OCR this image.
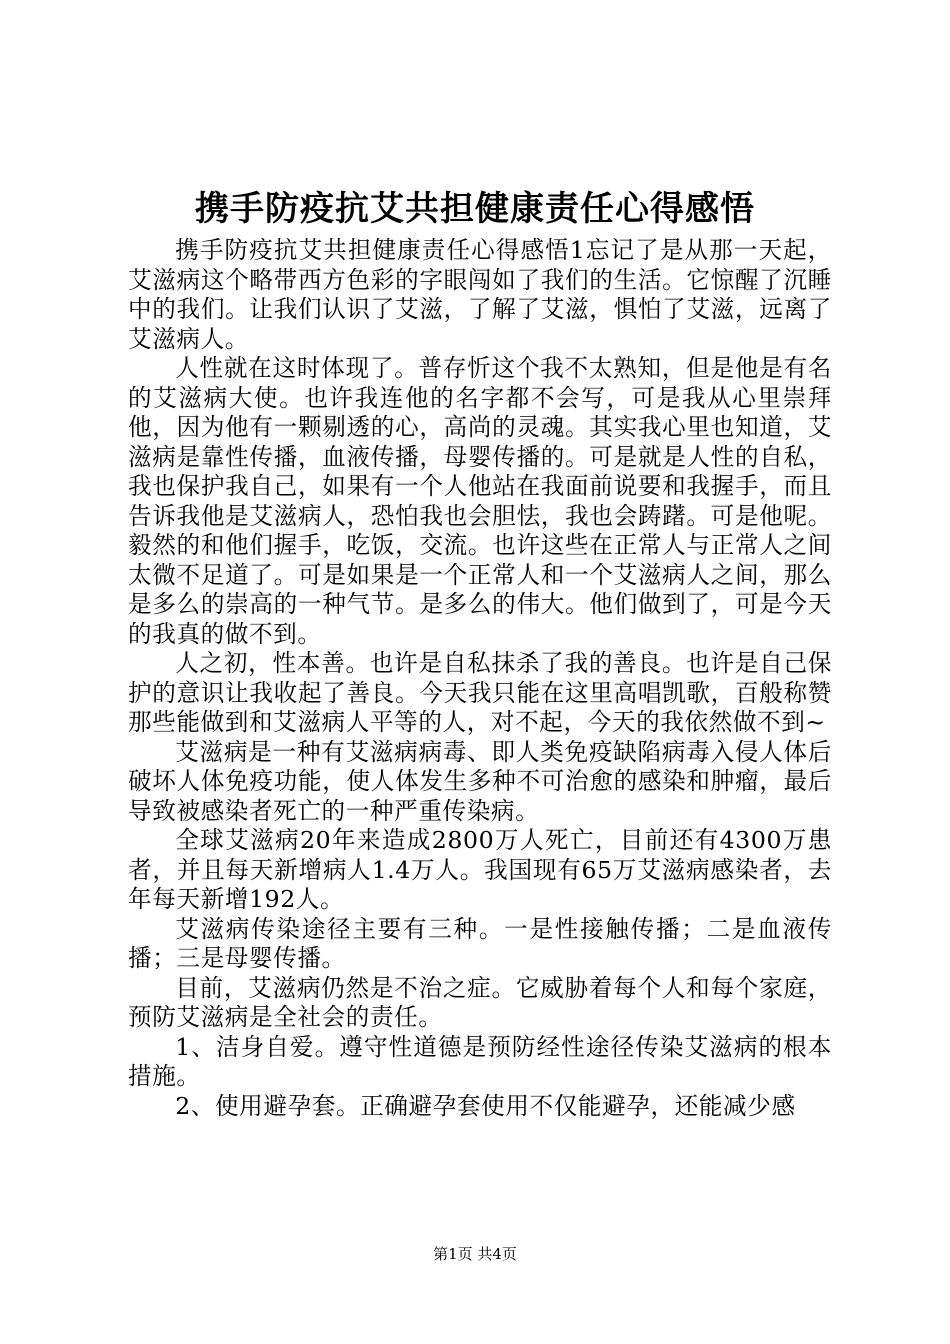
携手防疫抗艾共担健康责任心得感悟

携手防疫抗艾共担健康责任心得感悟1忘记了是从那一天起，艾滋病这个略带西方色彩的字眼闯如了我们的生活。它惊醒了沉睡中的我们。让我们认识了艾滋，了解了艾滋，惧怕了艾滋，远离了艾滋病人。

人性就在这时体现了。普存忻这个我不太熟知，但是他是有名的艾滋病大使。也许我连他的名字都不会写，可是我从心里崇拜他，因为他有一颗剔透的心，高尚的灵魂。其实我心里也知道，艾滋病是靠性传播，血液传播，母婴传播的。可是就是人性的自私，我也保护我自己，如果有一个人他站在我面前说要和我握手，而且告诉我他是艾滋病人，恐怕我也会胆怯，我也会踌躇。可是他呢。毅然的和他们握手，吃饭，交流。也许这些在正常人与正常人之间太微不足道了。可是如果是一个正常人和一个艾滋病人之间，那么是多么的崇高的一种气节。是多么的伟大。他们做到了，可是今天的我真的做不到。

人之初，性本善。也许是自私抹杀了我的善良。也许是自己保护的意识让我收起了善良。今天我只能在这里高唱凯歌，百般称赞那些能做到和艾滋病人平等的人，对不起，今天的我依然做不到~

艾滋病是一种有艾滋病病毒、即人类免疫缺陷病毒入侵人体后破坏人体免疫功能，使人体发生多种不可治愈的感染和肿瘤，最后导致被感染者死亡的一种严重传染病。

全球艾滋病20年来造成2800万人死亡，目前还有4300万患者，并且每天新增病人1.4万人。我国现有65万艾滋病感染者，去年每天新增192人。

艾滋病传染途径主要有三种。一是性接触传播；二是血液传播；三是母婴传播。

目前，艾滋病仍然是不治之症。它威胁着每个人和每个家庭，预防艾滋病是全社会的责任。

1、洁身自爱。遵守性道德是预防经性途径传染艾滋病的根本措施。

2、使用避孕套。正确避孕套使用不仅能避孕，还能减少感

第1页 共4页
